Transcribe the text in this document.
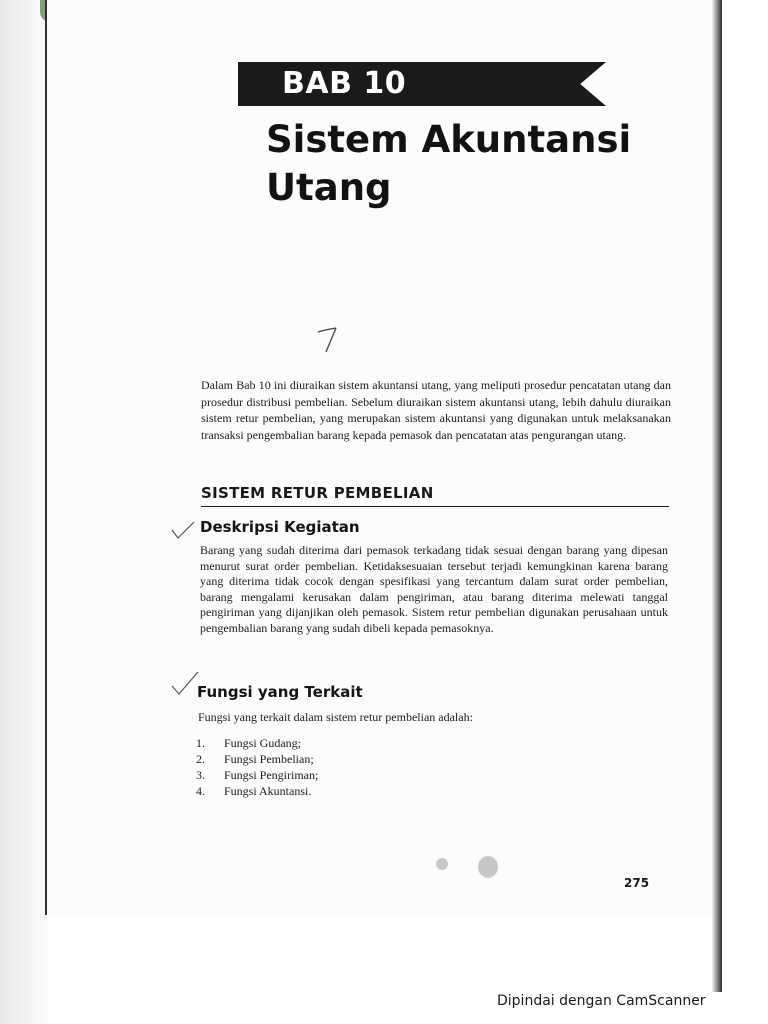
BAB 10
Sistem Akuntansi
Utang

Dalam Bab 10 ini diuraikan sistem akuntansi utang, yang meliputi prosedur pencatatan utang dan prosedur distribusi pembelian. Sebelum diuraikan sistem akuntansi utang, lebih dahulu diuraikan sistem retur pembelian, yang merupakan sistem akuntansi yang digunakan untuk melaksanakan transaksi pengembalian barang kepada pemasok dan pencatatan atas pengurangan utang.

SISTEM RETUR PEMBELIAN
Deskripsi Kegiatan

Barang yang sudah diterima dari pemasok terkadang tidak sesuai dengan barang yang dipesan menurut surat order pembelian. Ketidaksesuaian tersebut terjadi kemungkinan karena barang yang diterima tidak cocok dengan spesifikasi yang tercantum dalam surat order pembelian, barang mengalami kerusakan dalam pengiriman, atau barang diterima melewati tanggal pengiriman yang dijanjikan oleh pemasok. Sistem retur pembelian digunakan perusahaan untuk pengembalian barang yang sudah dibeli kepada pemasoknya.

Fungsi yang Terkait

Fungsi yang terkait dalam sistem retur pembelian adalah:

1.	Fungsi Gudang;
2.	Fungsi Pembelian;
3.	Fungsi Pengiriman;
4.	Fungsi Akuntansi.
275
Dipindai dengan CamScanner
